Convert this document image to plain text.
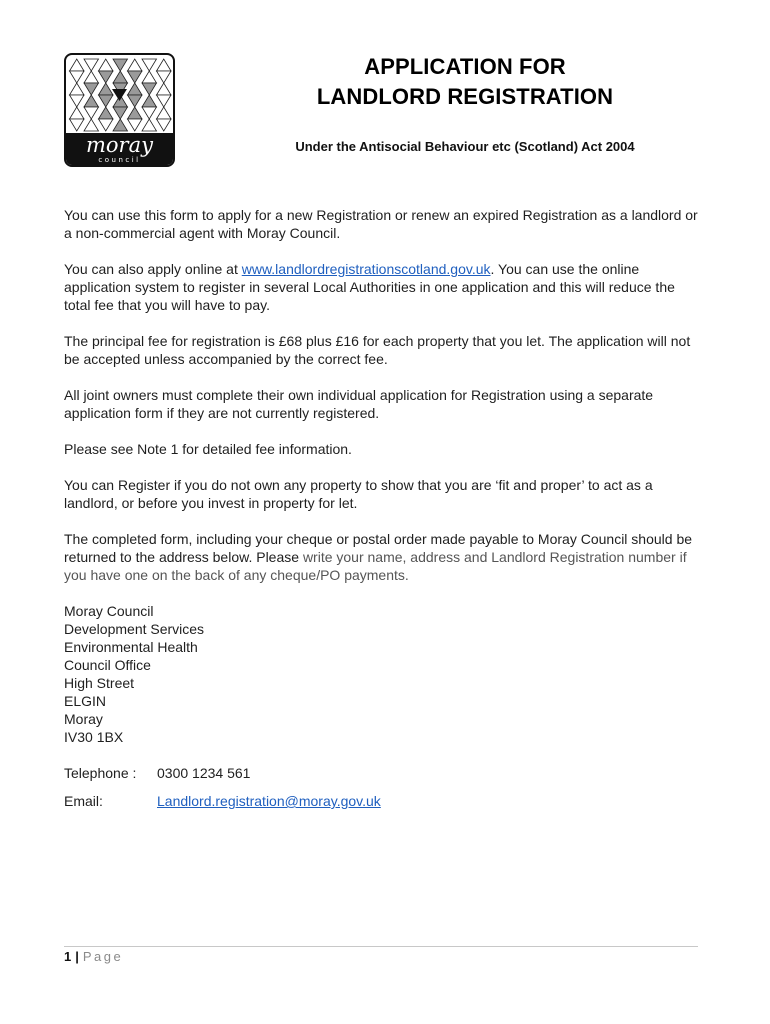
moray
council
APPLICATION FOR
LANDLORD REGISTRATION
Under the Antisocial Behaviour etc (Scotland) Act 2004

You can use this form to apply for a new Registration or renew an expired Registration as a landlord or a non-commercial agent with Moray Council.

You can also apply online at www.landlordregistrationscotland.gov.uk. You can use the online application system to register in several Local Authorities in one application and this will reduce the total fee that you will have to pay.

The principal fee for registration is £68 plus £16 for each property that you let. The application will not be accepted unless accompanied by the correct fee.

All joint owners must complete their own individual application for Registration using a separate application form if they are not currently registered.

Please see Note 1 for detailed fee information.

You can Register if you do not own any property to show that you are ‘fit and proper’ to act as a landlord, or before you invest in property for let.

The completed form, including your cheque or postal order made payable to Moray Council should be returned to the address below. Please write your name, address and Landlord Registration number if you have one on the back of any cheque/PO payments.

Moray Council
Development Services
Environmental Health
Council Office
High Street
ELGIN
Moray
IV30 1BX
Telephone :	0300 1234 561
Email:	Landlord.registration@moray.gov.uk
1 | Page
